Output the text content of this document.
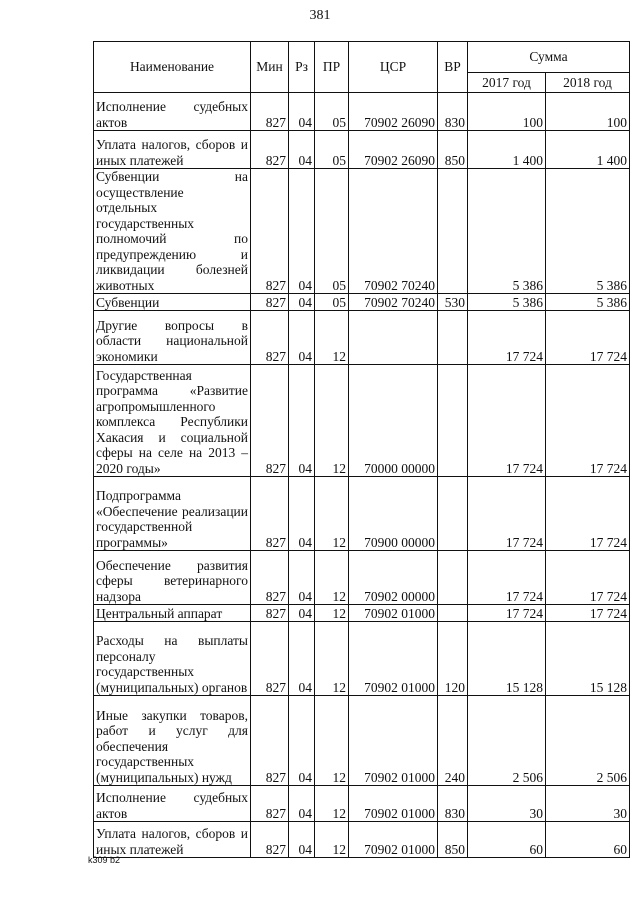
381
Наименование	Мин	Рз	ПР	ЦСР	ВР	Сумма	
						2017 год	2018 год
Исполнение судебных актов	827	04	05	70902 26090	830	100	100
Уплата налогов, сборов и иных платежей	827	04	05	70902 26090	850	1 400	1 400
Субвенции на осуществление отдельных государственных полномочий по предупреждению и ликвидации болезней животных	827	04	05	70902 70240		5 386	5 386
Субвенции	827	04	05	70902 70240	530	5 386	5 386
Другие вопросы в области национальной экономики	827	04	12			17 724	17 724
Государственная программа «Развитие агропромышленного комплекса Республики Хакасия и социальной сферы на селе на 2013 – 2020 годы»	827	04	12	70000 00000		17 724	17 724
Подпрограмма «Обеспечение реализации государственной программы»	827	04	12	70900 00000		17 724	17 724
Обеспечение развития сферы ветеринарного надзора	827	04	12	70902 00000		17 724	17 724
Центральный аппарат	827	04	12	70902 01000		17 724	17 724
Расходы на выплаты персоналу государственных (муниципальных) органов	827	04	12	70902 01000	120	15 128	15 128
Иные закупки товаров, работ и услуг для обеспечения государственных (муниципальных) нужд	827	04	12	70902 01000	240	2 506	2 506
Исполнение судебных актов	827	04	12	70902 01000	830	30	30
Уплата налогов, сборов и иных платежей	827	04	12	70902 01000	850	60	60
k309 b2
